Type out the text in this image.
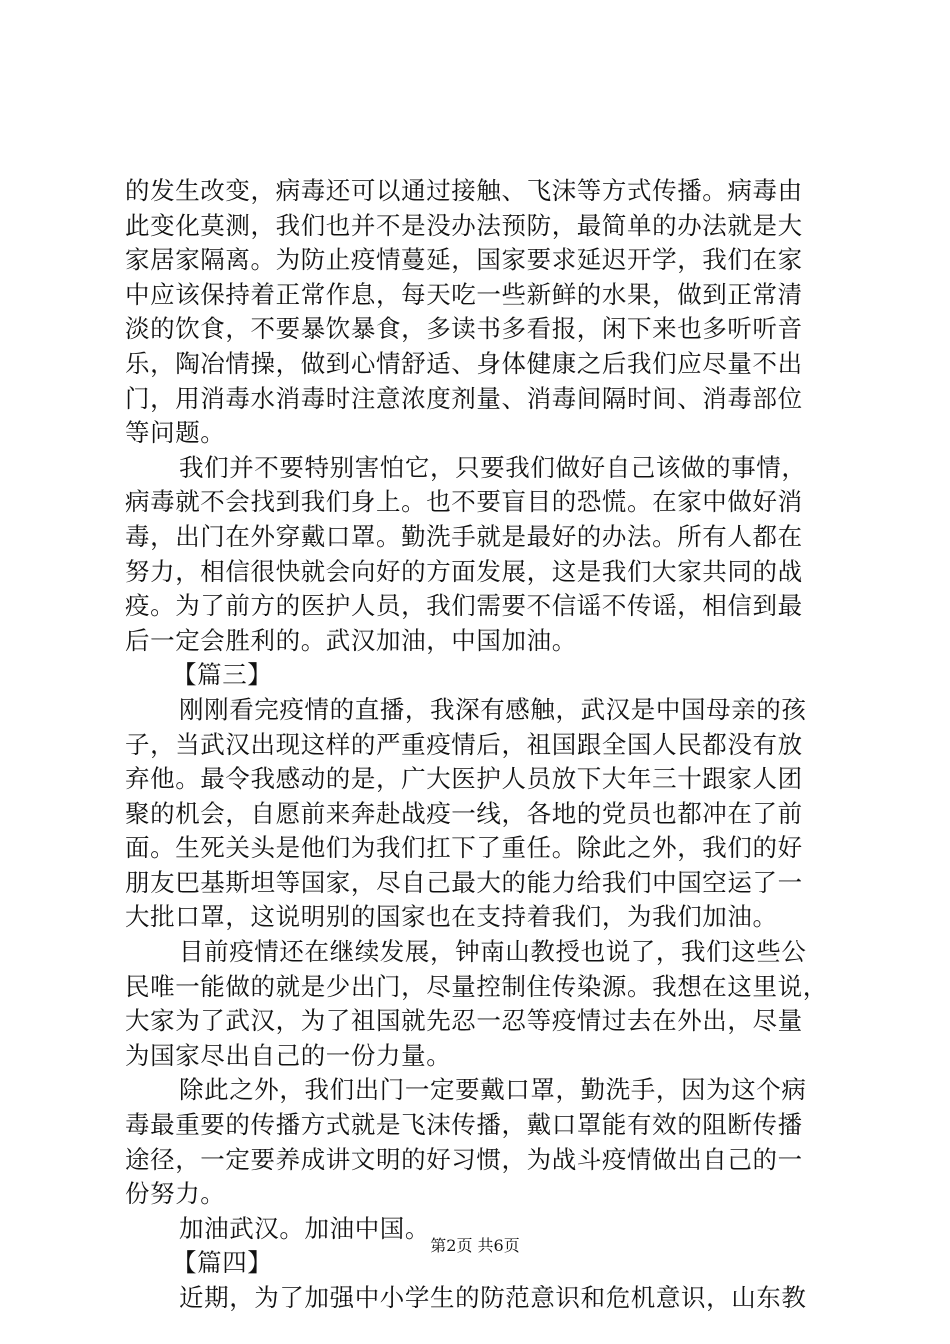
的发生改变，病毒还可以通过接触、飞沫等方式传播。病毒由
此变化莫测，我们也并不是没办法预防，最简单的办法就是大
家居家隔离。为防止疫情蔓延，国家要求延迟开学，我们在家
中应该保持着正常作息，每天吃一些新鲜的水果，做到正常清
淡的饮食，不要暴饮暴食，多读书多看报，闲下来也多听听音
乐，陶冶情操，做到心情舒适、身体健康之后我们应尽量不出
门，用消毒水消毒时注意浓度剂量、消毒间隔时间、消毒部位
等问题。
我们并不要特别害怕它，只要我们做好自己该做的事情，
病毒就不会找到我们身上。也不要盲目的恐慌。在家中做好消
毒，出门在外穿戴口罩。勤洗手就是最好的办法。所有人都在
努力，相信很快就会向好的方面发展，这是我们大家共同的战
疫。为了前方的医护人员，我们需要不信谣不传谣，相信到最
后一定会胜利的。武汉加油，中国加油。
【篇三】
刚刚看完疫情的直播，我深有感触，武汉是中国母亲的孩
子，当武汉出现这样的严重疫情后，祖国跟全国人民都没有放
弃他。最令我感动的是，广大医护人员放下大年三十跟家人团
聚的机会，自愿前来奔赴战疫一线，各地的党员也都冲在了前
面。生死关头是他们为我们扛下了重任。除此之外，我们的好
朋友巴基斯坦等国家，尽自己最大的能力给我们中国空运了一
大批口罩，这说明别的国家也在支持着我们，为我们加油。
目前疫情还在继续发展，钟南山教授也说了，我们这些公
民唯一能做的就是少出门，尽量控制住传染源。我想在这里说，
大家为了武汉，为了祖国就先忍一忍等疫情过去在外出，尽量
为国家尽出自己的一份力量。
除此之外，我们出门一定要戴口罩，勤洗手，因为这个病
毒最重要的传播方式就是飞沫传播，戴口罩能有效的阻断传播
途径，一定要养成讲文明的好习惯，为战斗疫情做出自己的一
份努力。
加油武汉。加油中国。
【篇四】
近期，为了加强中小学生的防范意识和危机意识，山东教
第2页 共6页
